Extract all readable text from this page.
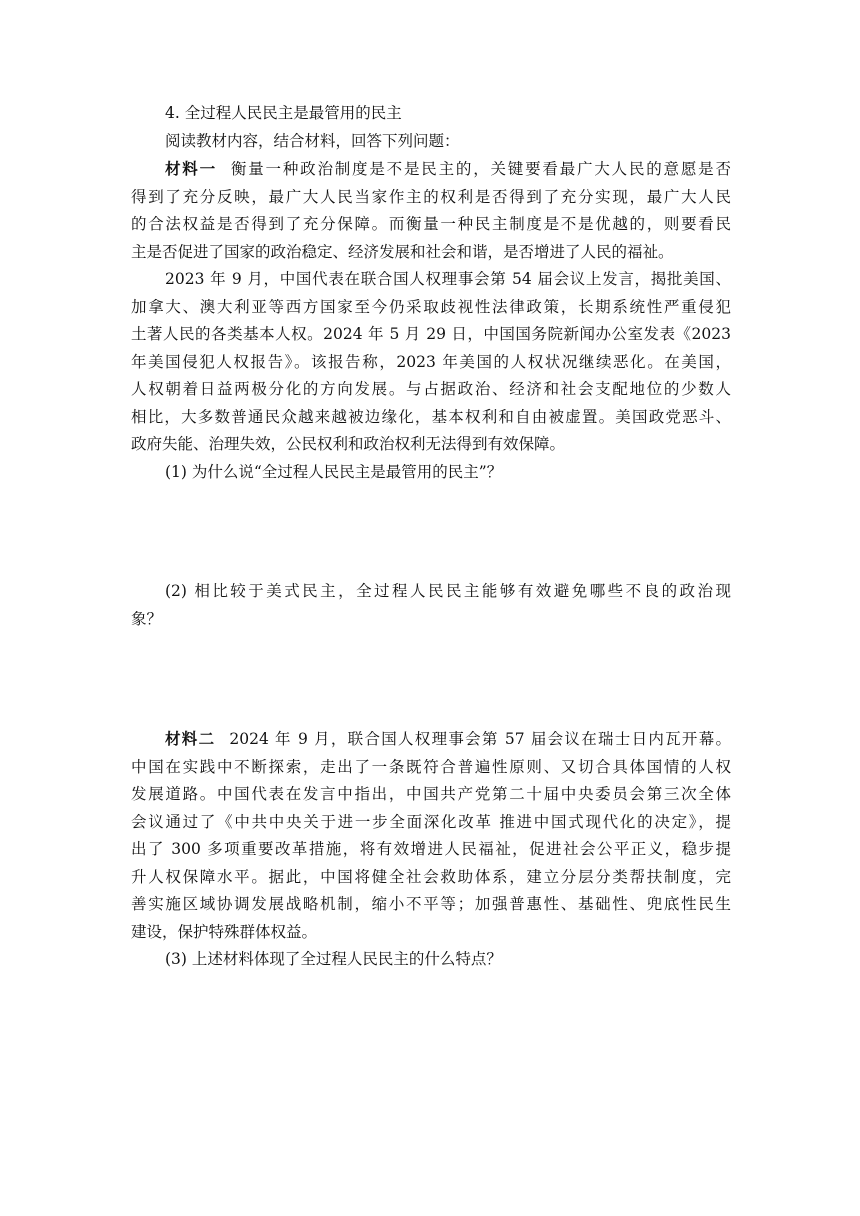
4. 全过程人民民主是最管用的民主

阅读教材内容，结合材料，回答下列问题：

材料一 衡量一种政治制度是不是民主的，关键要看最广大人民的意愿是否

得到了充分反映，最广大人民当家作主的权利是否得到了充分实现，最广大人民

的合法权益是否得到了充分保障。而衡量一种民主制度是不是优越的，则要看民

主是否促进了国家的政治稳定、经济发展和社会和谐，是否增进了人民的福祉。

2023 年 9 月，中国代表在联合国人权理事会第 54 届会议上发言，揭批美国、

加拿大、澳大利亚等西方国家至今仍采取歧视性法律政策，长期系统性严重侵犯

土著人民的各类基本人权。2024 年 5 月 29 日，中国国务院新闻办公室发表《2023

年美国侵犯人权报告》。该报告称，2023 年美国的人权状况继续恶化。在美国，

人权朝着日益两极分化的方向发展。与占据政治、经济和社会支配地位的少数人

相比，大多数普通民众越来越被边缘化，基本权利和自由被虚置。美国政党恶斗、

政府失能、治理失效，公民权利和政治权利无法得到有效保障。

(1) 为什么说“全过程人民民主是最管用的民主”？

(2) 相比较于美式民主，全过程人民民主能够有效避免哪些不良的政治现

象？

材料二 2024 年 9 月，联合国人权理事会第 57 届会议在瑞士日内瓦开幕。

中国在实践中不断探索，走出了一条既符合普遍性原则、又切合具体国情的人权

发展道路。中国代表在发言中指出，中国共产党第二十届中央委员会第三次全体

会议通过了《中共中央关于进一步全面深化改革 推进中国式现代化的决定》，提

出了 300 多项重要改革措施，将有效增进人民福祉，促进社会公平正义，稳步提

升人权保障水平。据此，中国将健全社会救助体系，建立分层分类帮扶制度，完

善实施区域协调发展战略机制，缩小不平等；加强普惠性、基础性、兜底性民生

建设，保护特殊群体权益。

(3) 上述材料体现了全过程人民民主的什么特点？
